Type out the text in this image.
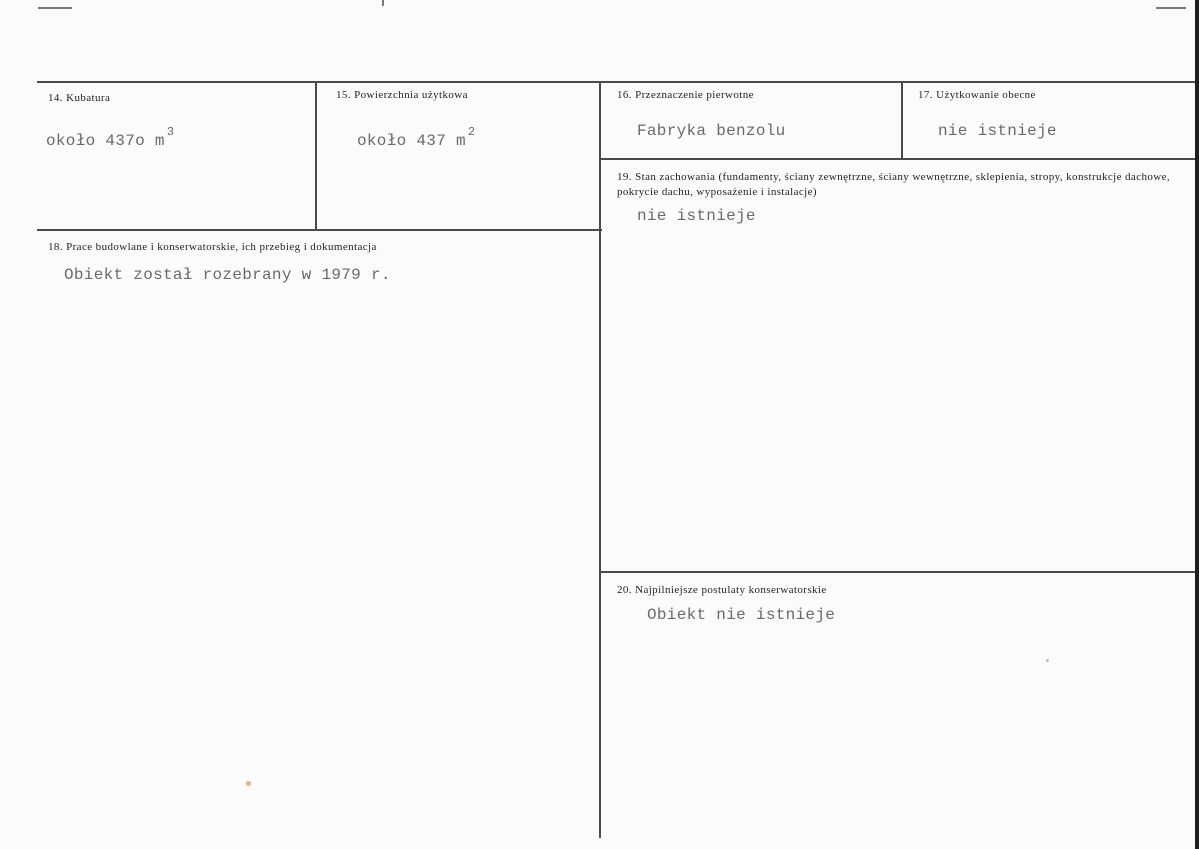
14. Kubatura
około 437o m $^3$
15. Powierzchnia użytkowa
około 437 m $^2$
16. Przeznaczenie pierwotne
Fabryka benzolu
17. Użytkowanie obecne
nie istnieje
18. Prace budowlane i konserwatorskie, ich przebieg i dokumentacja
Obiekt został rozebrany w 1979 r.
19. Stan zachowania (fundamenty, ściany zewnętrzne, ściany wewnętrzne, sklepienia, stropy, konstrukcje dachowe, pokrycie dachu, wyposażenie i instalacje)
nie istnieje
20. Najpilniejsze postulaty konserwatorskie
Obiekt nie istnieje
